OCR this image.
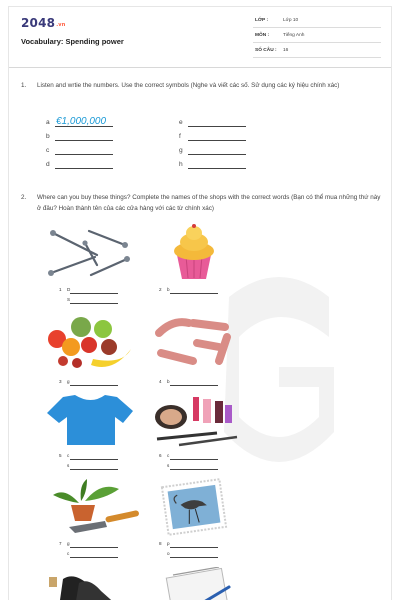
2048.vn
Vocabulary: Spending power
LỚP :	Lớp 10
MÔN :	Tiếng Anh
SỐ CÂU : 16
1.	Listen and wrtie the numbers. Use the correct symbols (Nghe và viết các số. Sử dụng các ký hiệu chính xác)
a €1,000,000
b
c
d
e
f
g
h
2.	Where can you buy these things? Complete the names of the shops with the correct words (Bạn có thể mua những thứ này ở đâu? Hoàn thành tên của các cửa hàng với các từ chính xác)
1 D
S
2 b
3 g	4 b
5 c
s
6 c
s
7 g
c
8 p
o
